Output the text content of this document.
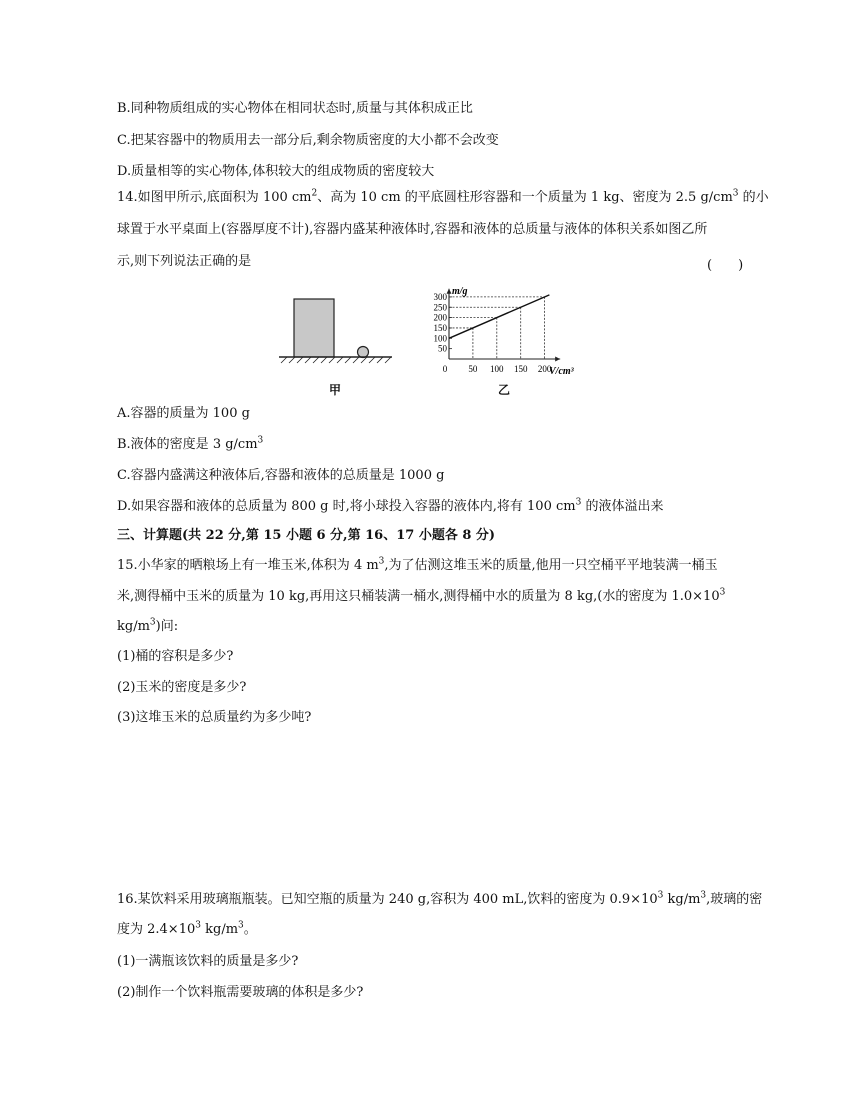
B.同种物质组成的实心物体在相同状态时,质量与其体积成正比
C.把某容器中的物质用去一部分后,剩余物质密度的大小都不会改变
D.质量相等的实心物体,体积较大的组成物质的密度较大
14.如图甲所示,底面积为 100 $cm^2$、高为 10 cm 的平底圆柱形容器和一个质量为 1 kg、密度为 2.5 $g/cm^3$ 的小
球置于水平桌面上(容器厚度不计),容器内盛某种液体时,容器和液体的总质量与液体的体积关系如图乙所
示,则下列说法正确的是	(　　)
甲
50
100
150
200
250
300
0 50 100 150 200
m/g
V/cm³
乙
A.容器的质量为 100 g
B.液体的密度是 3 $g/cm^3$
C.容器内盛满这种液体后,容器和液体的总质量是 1000 g
D.如果容器和液体的总质量为 800 g 时,将小球投入容器的液体内,将有 100 $cm^3$ 的液体溢出来
三、计算题(共 22 分,第 15 小题 6 分,第 16、17 小题各 8 分)
15.小华家的晒粮场上有一堆玉米,体积为 4 $m^3$,为了估测这堆玉米的质量,他用一只空桶平平地装满一桶玉
米,测得桶中玉米的质量为 10 kg,再用这只桶装满一桶水,测得桶中水的质量为 8 kg,(水的密度为 $1.0\times 10^3$
$kg/m^3$)问:
(1)桶的容积是多少?
(2)玉米的密度是多少?
(3)这堆玉米的总质量约为多少吨?
16.某饮料采用玻璃瓶瓶装。已知空瓶的质量为 240 g,容积为 400 mL,饮料的密度为 $0.9\times 10^3$ $kg/m^3$,玻璃的密
度为 $2.4\times 10^3$ $kg/m^3$。
(1)一满瓶该饮料的质量是多少?
(2)制作一个饮料瓶需要玻璃的体积是多少?
